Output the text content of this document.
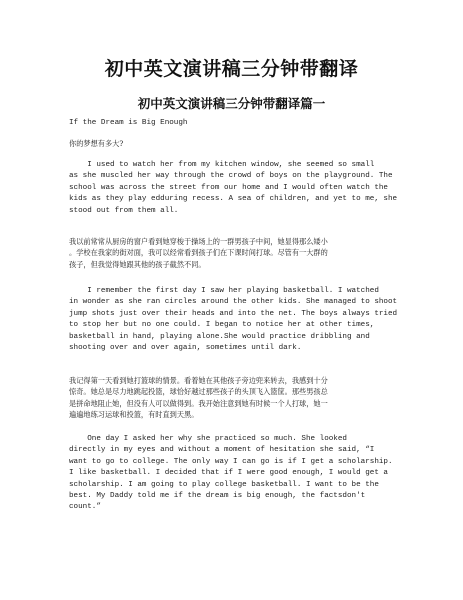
初中英文演讲稿三分钟带翻译
初中英文演讲稿三分钟带翻译篇一
If the Dream is Big Enough
你的梦想有多大?
I used to watch her from my kitchen window, she seemed so small
as she muscled her way through the crowd of boys on the playground. The
school was across the street from our home and I would often watch the
kids as they play edduring recess. A sea of children, and yet to me, she
stood out from them all.
我以前常常从厨房的窗户看到她穿梭于操场上的一群男孩子中间，她显得那么矮小
。学校在我家的街对面，我可以经常看到孩子们在下课时间打球。尽管有一大群的
孩子，但我觉得她跟其他的孩子截然不同。
I remember the first day I saw her playing basketball. I watched
in wonder as she ran circles around the other kids. She managed to shoot
jump shots just over their heads and into the net. The boys always tried
to stop her but no one could. I began to notice her at other times,
basketball in hand, playing alone.She would practice dribbling and
shooting over and over again, sometimes until dark.
我记得第一天看到她打篮球的情景。看着她在其他孩子旁边兜来转去，我感到十分
惊奇。她总是尽力地跳起投篮，球恰好越过那些孩子的头顶飞入篮筐。那些男孩总
是拼命地阻止她，但没有人可以做得到。我开始注意到她有时候一个人打球，她一
遍遍地练习运球和投篮，有时直到天黑。
One day I asked her why she practiced so much. She looked
directly in my eyes and without a moment of hesitation she said, “I
want to go to college. The only way I can go is if I get a scholarship.
I like basketball. I decided that if I were good enough, I would get a
scholarship. I am going to play college basketball. I want to be the
best. My Daddy told me if the dream is big enough, the factsdon't
count.”
